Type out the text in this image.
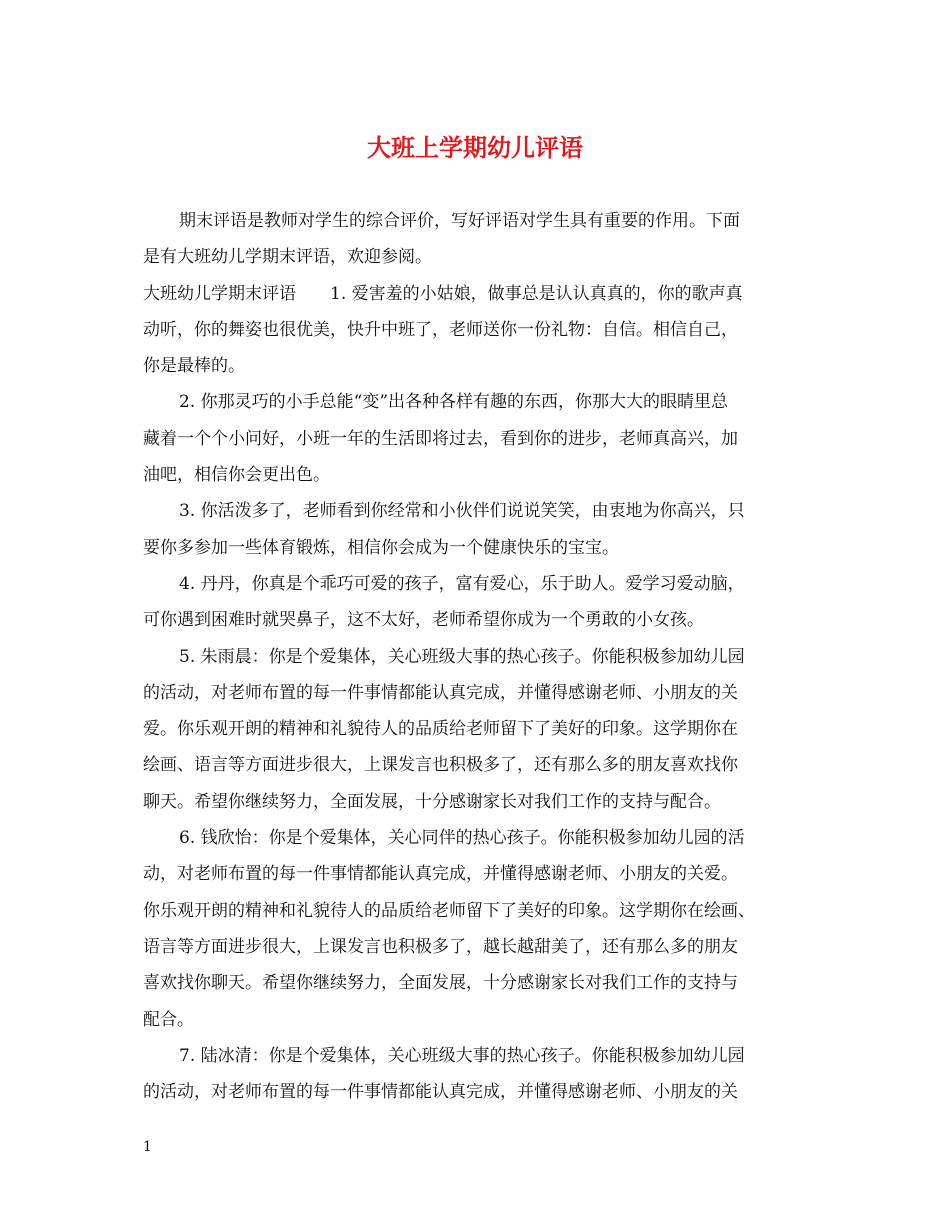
大班上学期幼儿评语
期末评语是教师对学生的综合评价，写好评语对学生具有重要的作用。下面
是有大班幼儿学期末评语，欢迎参阅。
大班幼儿学期末评语　　1. 爱害羞的小姑娘，做事总是认认真真的，你的歌声真
动听，你的舞姿也很优美，快升中班了，老师送你一份礼物：自信。相信自己，
你是最棒的。
2. 你那灵巧的小手总能“变”出各种各样有趣的东西，你那大大的眼睛里总
藏着一个个小问好，小班一年的生活即将过去，看到你的进步，老师真高兴，加
油吧，相信你会更出色。
3. 你活泼多了，老师看到你经常和小伙伴们说说笑笑，由衷地为你高兴，只
要你多参加一些体育锻炼，相信你会成为一个健康快乐的宝宝。
4. 丹丹，你真是个乖巧可爱的孩子，富有爱心，乐于助人。爱学习爱动脑，
可你遇到困难时就哭鼻子，这不太好，老师希望你成为一个勇敢的小女孩。
5. 朱雨晨：你是个爱集体，关心班级大事的热心孩子。你能积极参加幼儿园
的活动，对老师布置的每一件事情都能认真完成，并懂得感谢老师、小朋友的关
爱。你乐观开朗的精神和礼貌待人的品质给老师留下了美好的印象。这学期你在
绘画、语言等方面进步很大，上课发言也积极多了，还有那么多的朋友喜欢找你
聊天。希望你继续努力，全面发展，十分感谢家长对我们工作的支持与配合。
6. 钱欣怡：你是个爱集体，关心同伴的热心孩子。你能积极参加幼儿园的活
动，对老师布置的每一件事情都能认真完成，并懂得感谢老师、小朋友的关爱。
你乐观开朗的精神和礼貌待人的品质给老师留下了美好的印象。这学期你在绘画、
语言等方面进步很大，上课发言也积极多了，越长越甜美了，还有那么多的朋友
喜欢找你聊天。希望你继续努力，全面发展，十分感谢家长对我们工作的支持与
配合。
7. 陆冰清：你是个爱集体，关心班级大事的热心孩子。你能积极参加幼儿园
的活动，对老师布置的每一件事情都能认真完成，并懂得感谢老师、小朋友的关
1
